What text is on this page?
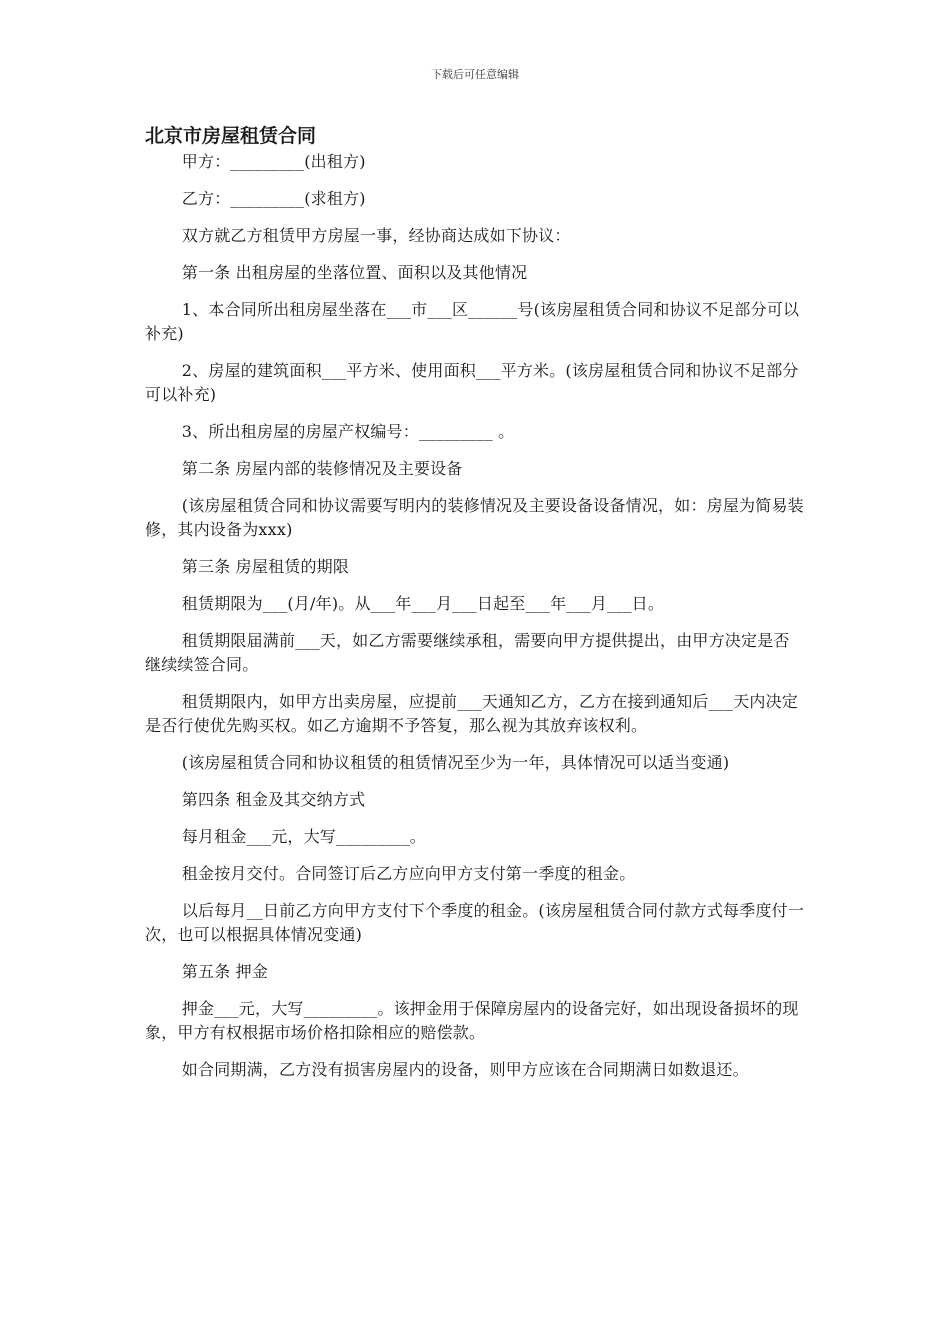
下载后可任意编辑
北京市房屋租赁合同

甲方：_________(出租方)

乙方：_________(求租方)

双方就乙方租赁甲方房屋一事，经协商达成如下协议：

第一条 出租房屋的坐落位置、面积以及其他情况

1、本合同所出租房屋坐落在___市___区______号(该房屋租赁合同和协议不足部分可以补充)

2、房屋的建筑面积___平方米、使用面积___平方米。(该房屋租赁合同和协议不足部分可以补充)

3、所出租房屋的房屋产权编号：_________ 。

第二条 房屋内部的装修情况及主要设备

(该房屋租赁合同和协议需要写明内的装修情况及主要设备设备情况，如：房屋为简易装修，其内设备为xxx)

第三条 房屋租赁的期限

租赁期限为___(月/年)。从___年___月___日起至___年___月___日。

租赁期限届满前___天，如乙方需要继续承租，需要向甲方提供提出，由甲方决定是否继续续签合同。

租赁期限内，如甲方出卖房屋，应提前___天通知乙方，乙方在接到通知后___天内决定是否行使优先购买权。如乙方逾期不予答复，那么视为其放弃该权利。

(该房屋租赁合同和协议租赁的租赁情况至少为一年，具体情况可以适当变通)

第四条 租金及其交纳方式

每月租金___元，大写_________。

租金按月交付。合同签订后乙方应向甲方支付第一季度的租金。

以后每月__日前乙方向甲方支付下个季度的租金。(该房屋租赁合同付款方式每季度付一次，也可以根据具体情况变通)

第五条 押金

押金___元，大写_________。该押金用于保障房屋内的设备完好，如出现设备损坏的现象，甲方有权根据市场价格扣除相应的赔偿款。

如合同期满，乙方没有损害房屋内的设备，则甲方应该在合同期满日如数退还。
